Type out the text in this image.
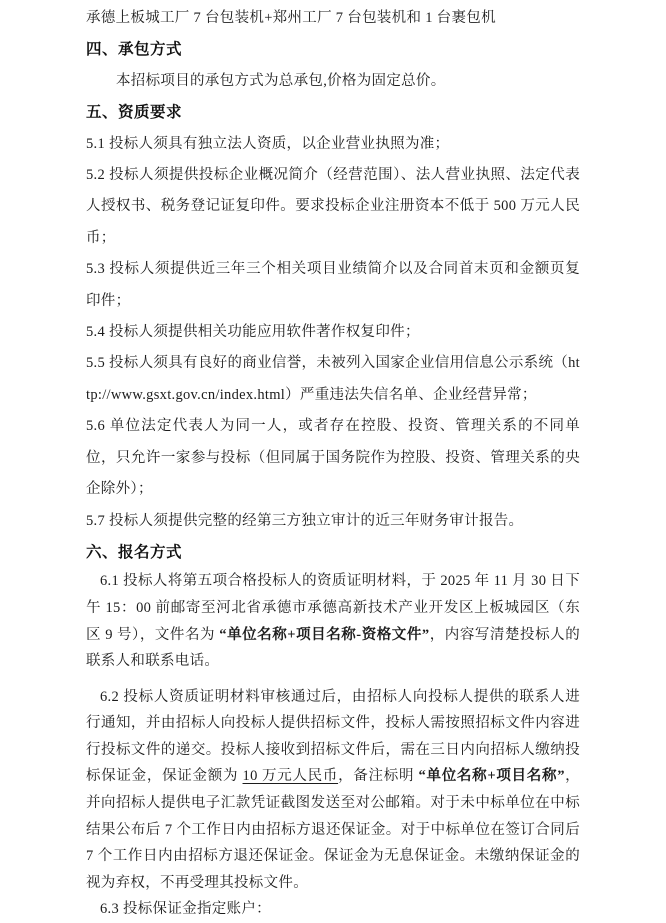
承德上板城工厂 7 台包装机+郑州工厂 7 台包装机和 1 台裹包机

四、承包方式

本招标项目的承包方式为总承包,价格为固定总价。

五、资质要求

5.1 投标人须具有独立法人资质，以企业营业执照为准；

5.2 投标人须提供投标企业概况简介（经营范围）、法人营业执照、法定代表人授权书、税务登记证复印件。要求投标企业注册资本不低于 500 万元人民币；

5.3 投标人须提供近三年三个相关项目业绩简介以及合同首末页和金额页复印件；

5.4 投标人须提供相关功能应用软件著作权复印件；

5.5 投标人须具有良好的商业信誉，未被列入国家企业信用信息公示系统（http://www.gsxt.gov.cn/index.html）严重违法失信名单、企业经营异常；

5.6 单位法定代表人为同一人，或者存在控股、投资、管理关系的不同单位，只允许一家参与投标（但同属于国务院作为控股、投资、管理关系的央企除外）；

5.7 投标人须提供完整的经第三方独立审计的近三年财务审计报告。

六、报名方式

6.1 投标人将第五项合格投标人的资质证明材料，于 2025 年 11 月 30 日下午 15：00 前邮寄至河北省承德市承德高新技术产业开发区上板城园区（东区 9 号），文件名为 “单位名称+项目名称-资格文件”，内容写清楚投标人的联系人和联系电话。

6.2 投标人资质证明材料审核通过后，由招标人向投标人提供的联系人进行通知，并由招标人向投标人提供招标文件，投标人需按照招标文件内容进行投标文件的递交。投标人接收到招标文件后，需在三日内向招标人缴纳投标保证金，保证金额为 10 万元人民币，备注标明 “单位名称+项目名称”，并向招标人提供电子汇款凭证截图发送至对公邮箱。对于未中标单位在中标结果公布后 7 个工作日内由招标方退还保证金。对于中标单位在签订合同后 7 个工作日内由招标方退还保证金。保证金为无息保证金。未缴纳保证金的视为弃权，不再受理其投标文件。

6.3 投标保证金指定账户：
